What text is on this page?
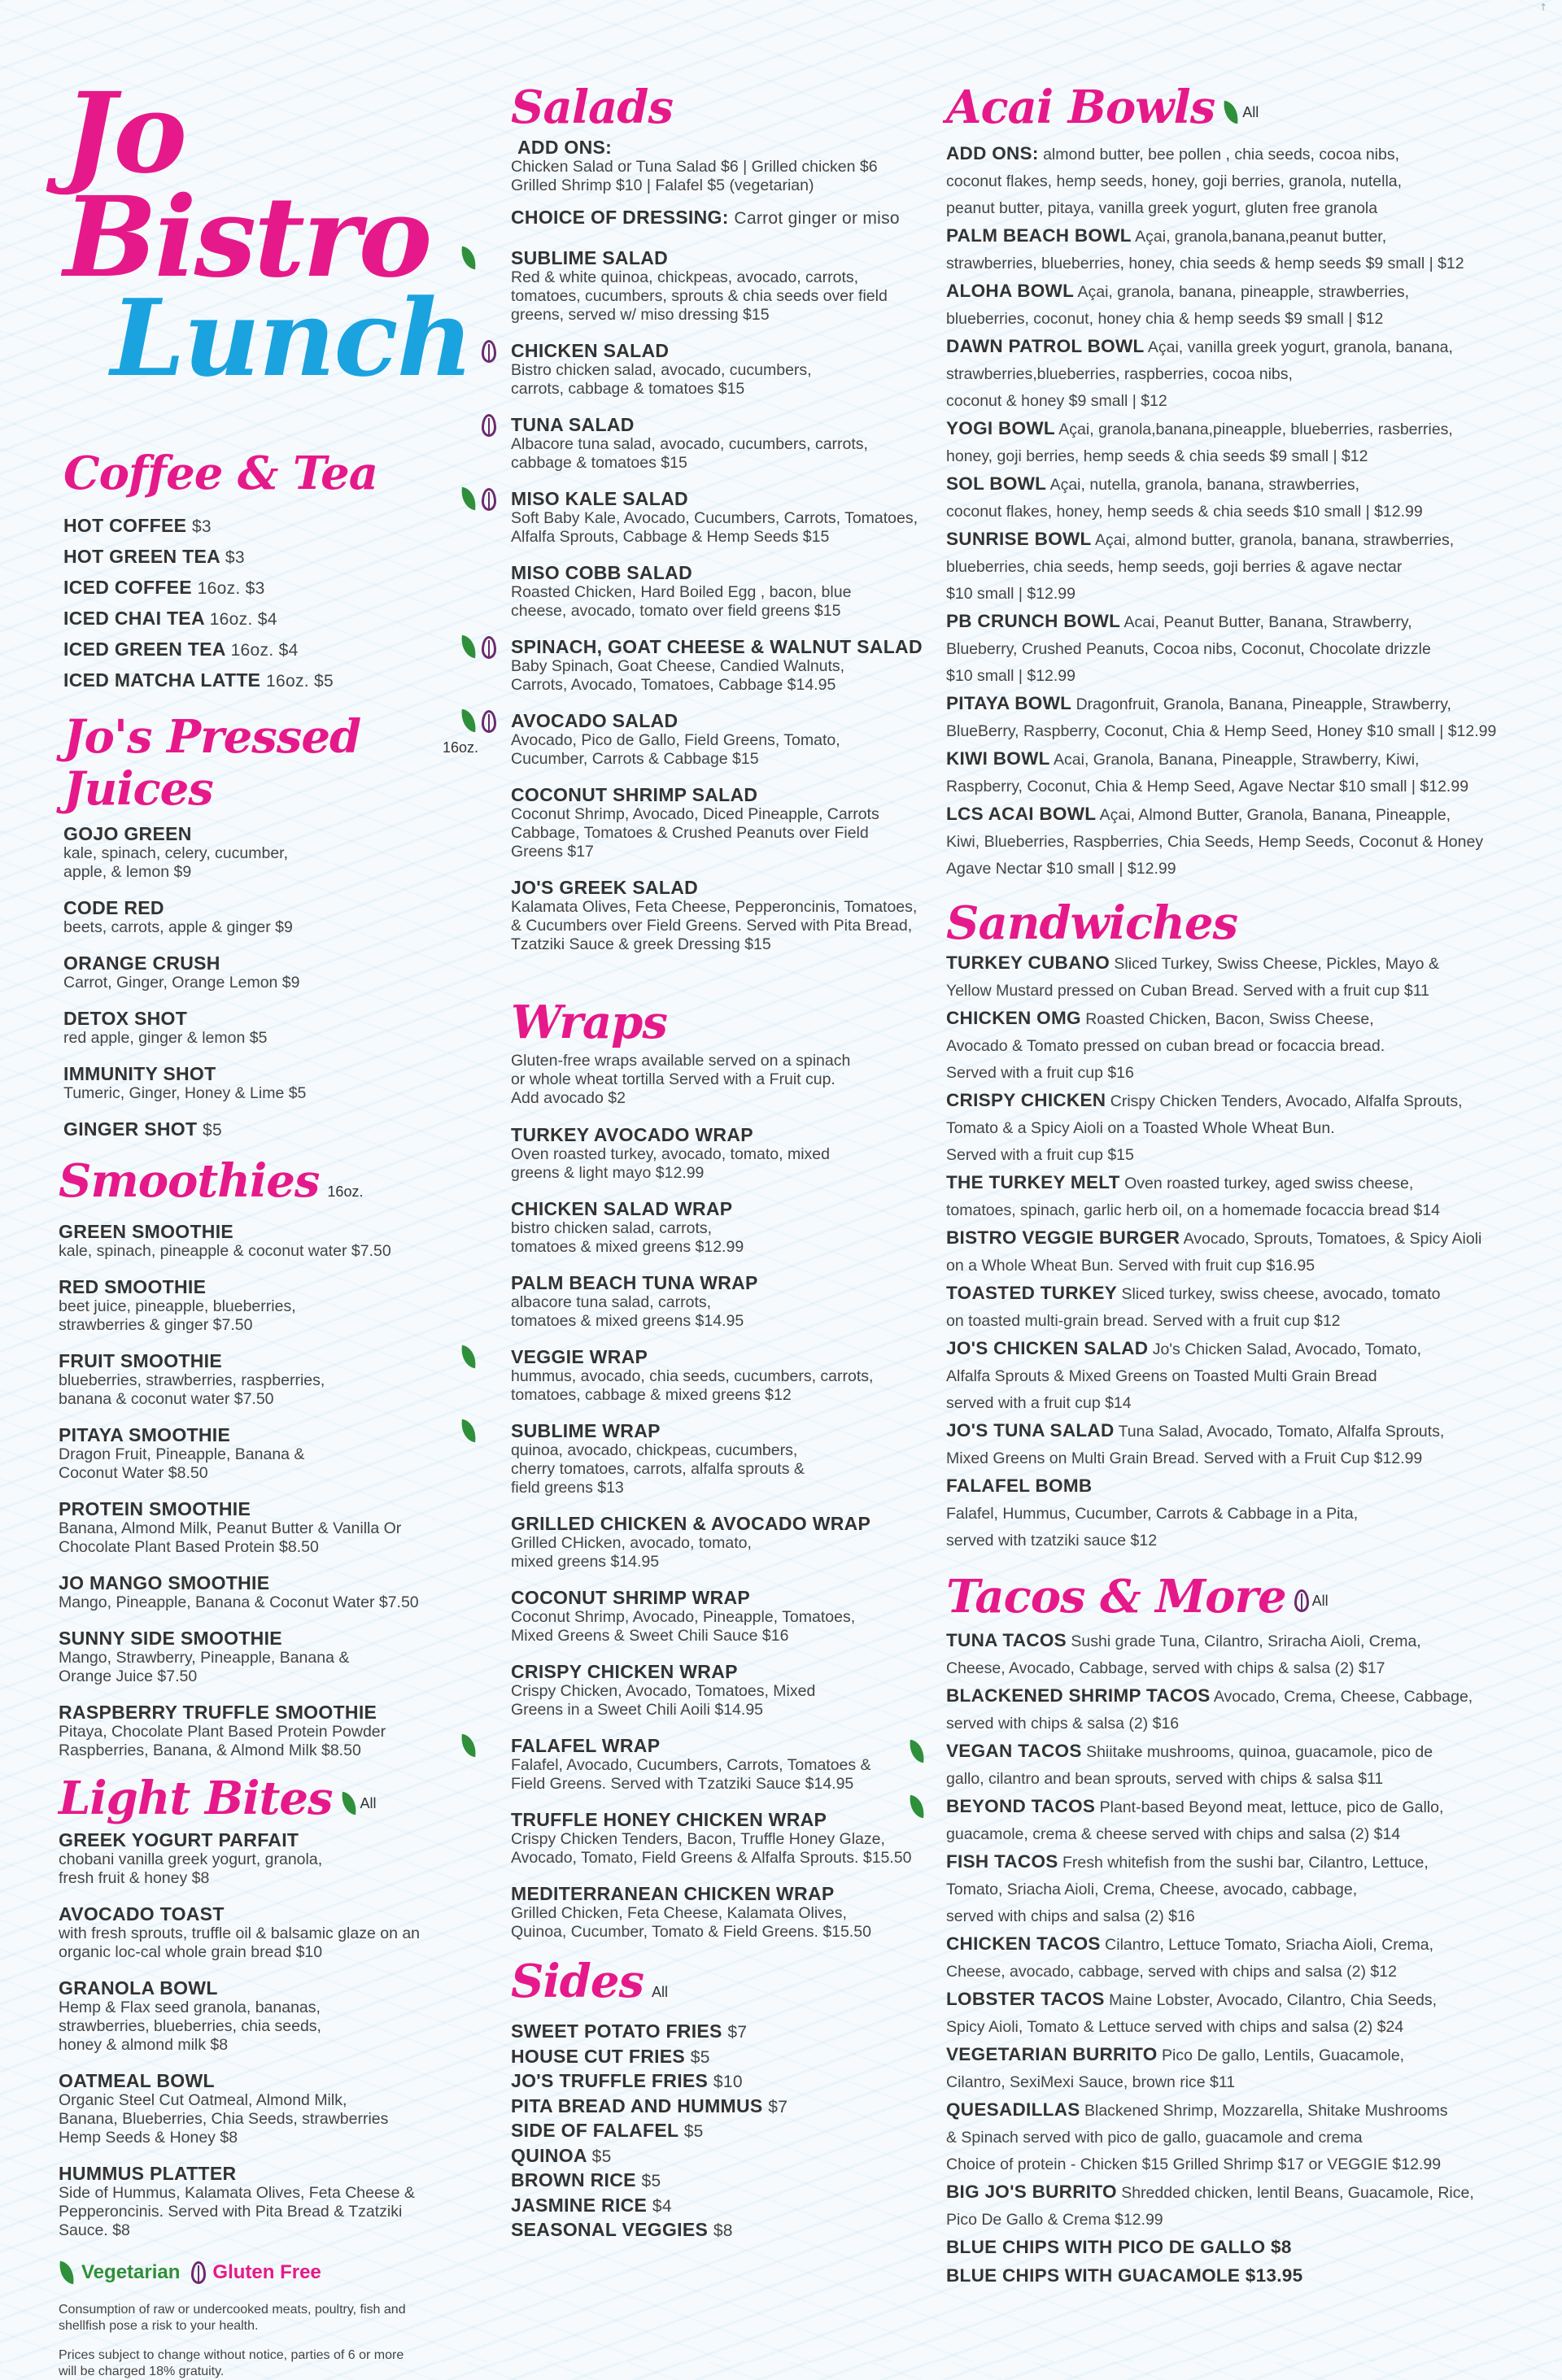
↑
Jo Bistro
Lunch
Coffee & Tea
HOT COFFEE $3
HOT GREEN TEA $3
ICED COFFEE 16oz. $3
ICED CHAI TEA 16oz. $4
ICED GREEN TEA 16oz. $4
ICED MATCHA LATTE 16oz. $5
Jo's Pressed Juices
16oz.
GOJO GREEN
kale, spinach, celery, cucumber, apple, & lemon $9
CODE RED
beets, carrots, apple & ginger $9
ORANGE CRUSH
Carrot, Ginger, Orange Lemon $9
DETOX SHOT
red apple, ginger & lemon $5
IMMUNITY SHOT
Tumeric, Ginger, Honey & Lime $5
GINGER SHOT $5
Smoothies 16oz.
GREEN SMOOTHIE
kale, spinach, pineapple & coconut water $7.50
RED SMOOTHIE
beet juice, pineapple, blueberries, strawberries & ginger $7.50
FRUIT SMOOTHIE
blueberries, strawberries, raspberries, banana & coconut water $7.50
PITAYA SMOOTHIE
Dragon Fruit, Pineapple, Banana & Coconut Water $8.50
PROTEIN SMOOTHIE
Banana, Almond Milk, Peanut Butter & Vanilla Or Chocolate Plant Based Protein $8.50
JO MANGO SMOOTHIE
Mango, Pineapple, Banana & Coconut Water $7.50
SUNNY SIDE SMOOTHIE
Mango, Strawberry, Pineapple, Banana & Orange Juice $7.50
RASPBERRY TRUFFLE SMOOTHIE
Pitaya, Chocolate Plant Based Protein Powder Raspberries, Banana, & Almond Milk $8.50
Light Bites All
GREEK YOGURT PARFAIT
chobani vanilla greek yogurt, granola, fresh fruit & honey $8
AVOCADO TOAST
with fresh sprouts, truffle oil & balsamic glaze on an organic loc-cal whole grain bread $10
GRANOLA BOWL
Hemp & Flax seed granola, bananas, strawberries, blueberries, chia seeds, honey & almond milk $8
OATMEAL BOWL
Organic Steel Cut Oatmeal, Almond Milk, Banana, Blueberries, Chia Seeds, strawberries Hemp Seeds & Honey $8
HUMMUS PLATTER
Side of Hummus, Kalamata Olives, Feta Cheese & Pepperoncinis. Served with Pita Bread & Tzatziki Sauce. $8
Vegetarian Gluten Free
Consumption of raw or undercooked meats, poultry, fish and shellfish pose a risk to your health.
Prices subject to change without notice, parties of 6 or more will be charged 18% gratuity.
Salads
ADD ONS:
Chicken Salad or Tuna Salad $6 | Grilled chicken $6 Grilled Shrimp $10 | Falafel $5 (vegetarian)
CHOICE OF DRESSING: Carrot ginger or miso
SUBLIME SALAD
Red & white quinoa, chickpeas, avocado, carrots, tomatoes, cucumbers, sprouts & chia seeds over field greens, served w/ miso dressing $15
CHICKEN SALAD
Bistro chicken salad, avocado, cucumbers, carrots, cabbage & tomatoes $15
TUNA SALAD
Albacore tuna salad, avocado, cucumbers, carrots, cabbage & tomatoes $15
MISO KALE SALAD
Soft Baby Kale, Avocado, Cucumbers, Carrots, Tomatoes, Alfalfa Sprouts, Cabbage & Hemp Seeds $15
MISO COBB SALAD
Roasted Chicken, Hard Boiled Egg , bacon, blue cheese, avocado, tomato over field greens $15
SPINACH, GOAT CHEESE & WALNUT SALAD
Baby Spinach, Goat Cheese, Candied Walnuts, Carrots, Avocado, Tomatoes, Cabbage $14.95
AVOCADO SALAD
Avocado, Pico de Gallo, Field Greens, Tomato, Cucumber, Carrots & Cabbage $15
COCONUT SHRIMP SALAD
Coconut Shrimp, Avocado, Diced Pineapple, Carrots Cabbage, Tomatoes & Crushed Peanuts over Field Greens $17
JO'S GREEK SALAD
Kalamata Olives, Feta Cheese, Pepperoncinis, Tomatoes, & Cucumbers over Field Greens. Served with Pita Bread, Tzatziki Sauce & greek Dressing $15
Wraps
Gluten-free wraps available served on a spinach or whole wheat tortilla Served with a Fruit cup. Add avocado $2
TURKEY AVOCADO WRAP
Oven roasted turkey, avocado, tomato, mixed greens & light mayo $12.99
CHICKEN SALAD WRAP
bistro chicken salad, carrots, tomatoes & mixed greens $12.99
PALM BEACH TUNA WRAP
albacore tuna salad, carrots, tomatoes & mixed greens $14.95
VEGGIE WRAP
hummus, avocado, chia seeds, cucumbers, carrots, tomatoes, cabbage & mixed greens $12
SUBLIME WRAP
quinoa, avocado, chickpeas, cucumbers, cherry tomatoes, carrots, alfalfa sprouts & field greens $13
GRILLED CHICKEN & AVOCADO WRAP
Grilled CHicken, avocado, tomato, mixed greens $14.95
COCONUT SHRIMP WRAP
Coconut Shrimp, Avocado, Pineapple, Tomatoes, Mixed Greens & Sweet Chili Sauce $16
CRISPY CHICKEN WRAP
Crispy Chicken, Avocado, Tomatoes, Mixed Greens in a Sweet Chili Aoili $14.95
FALAFEL WRAP
Falafel, Avocado, Cucumbers, Carrots, Tomatoes & Field Greens. Served with Tzatziki Sauce $14.95
TRUFFLE HONEY CHICKEN WRAP
Crispy Chicken Tenders, Bacon, Truffle Honey Glaze, Avocado, Tomato, Field Greens & Alfalfa Sprouts. $15.50
MEDITERRANEAN CHICKEN WRAP
Grilled Chicken, Feta Cheese, Kalamata Olives, Quinoa, Cucumber, Tomato & Field Greens. $15.50
Sides All
SWEET POTATO FRIES $7
HOUSE CUT FRIES $5
JO'S TRUFFLE FRIES $10
PITA BREAD AND HUMMUS $7
SIDE OF FALAFEL $5
QUINOA $5
BROWN RICE $5
JASMINE RICE $4
SEASONAL VEGGIES $8
Acai Bowls All
ADD ONS: almond butter, bee pollen , chia seeds, cocoa nibs,
coconut flakes, hemp seeds, honey, goji berries, granola, nutella,
peanut butter, pitaya, vanilla greek yogurt, gluten free granola
PALM BEACH BOWL Açai, granola,banana,peanut butter,
strawberries, blueberries, honey, chia seeds & hemp seeds $9 small | $12
ALOHA BOWL Açai, granola, banana, pineapple, strawberries,
blueberries, coconut, honey chia & hemp seeds $9 small | $12
DAWN PATROL BOWL Açai, vanilla greek yogurt, granola, banana,
strawberries,blueberries, raspberries, cocoa nibs,
coconut & honey $9 small | $12
YOGI BOWL Açai, granola,banana,pineapple, blueberries, rasberries,
honey, goji berries, hemp seeds & chia seeds $9 small | $12
SOL BOWL Açai, nutella, granola, banana, strawberries,
coconut flakes, honey, hemp seeds & chia seeds $10 small | $12.99
SUNRISE BOWL Açai, almond butter, granola, banana, strawberries,
blueberries, chia seeds, hemp seeds, goji berries & agave nectar
$10 small | $12.99
PB CRUNCH BOWL Acai, Peanut Butter, Banana, Strawberry,
Blueberry, Crushed Peanuts, Cocoa nibs, Coconut, Chocolate drizzle
$10 small | $12.99
PITAYA BOWL Dragonfruit, Granola, Banana, Pineapple, Strawberry,
BlueBerry, Raspberry, Coconut, Chia & Hemp Seed, Honey $10 small | $12.99
KIWI BOWL Acai, Granola, Banana, Pineapple, Strawberry, Kiwi,
Raspberry, Coconut, Chia & Hemp Seed, Agave Nectar $10 small | $12.99
LCS ACAI BOWL Açai, Almond Butter, Granola, Banana, Pineapple,
Kiwi, Blueberries, Raspberries, Chia Seeds, Hemp Seeds, Coconut & Honey
Agave Nectar $10 small | $12.99
Sandwiches
TURKEY CUBANO Sliced Turkey, Swiss Cheese, Pickles, Mayo &
Yellow Mustard pressed on Cuban Bread. Served with a fruit cup $11
CHICKEN OMG Roasted Chicken, Bacon, Swiss Cheese,
Avocado & Tomato pressed on cuban bread or focaccia bread.
Served with a fruit cup $16
CRISPY CHICKEN Crispy Chicken Tenders, Avocado, Alfalfa Sprouts,
Tomato & a Spicy Aioli on a Toasted Whole Wheat Bun.
Served with a fruit cup $15
THE TURKEY MELT Oven roasted turkey, aged swiss cheese,
tomatoes, spinach, garlic herb oil, on a homemade focaccia bread $14
BISTRO VEGGIE BURGER Avocado, Sprouts, Tomatoes, & Spicy Aioli
on a Whole Wheat Bun. Served with fruit cup $16.95
TOASTED TURKEY Sliced turkey, swiss cheese, avocado, tomato
on toasted multi-grain bread. Served with a fruit cup $12
JO'S CHICKEN SALAD Jo's Chicken Salad, Avocado, Tomato,
Alfalfa Sprouts & Mixed Greens on Toasted Multi Grain Bread
served with a fruit cup $14
JO'S TUNA SALAD Tuna Salad, Avocado, Tomato, Alfalfa Sprouts,
Mixed Greens on Multi Grain Bread. Served with a Fruit Cup $12.99
FALAFEL BOMB
Falafel, Hummus, Cucumber, Carrots & Cabbage in a Pita,
served with tzatziki sauce $12
Tacos & More All
TUNA TACOS Sushi grade Tuna, Cilantro, Sriracha Aioli, Crema,
Cheese, Avocado, Cabbage, served with chips & salsa (2) $17
BLACKENED SHRIMP TACOS Avocado, Crema, Cheese, Cabbage,
served with chips & salsa (2) $16
VEGAN TACOS Shiitake mushrooms, quinoa, guacamole, pico de
gallo, cilantro and bean sprouts, served with chips & salsa $11
BEYOND TACOS Plant-based Beyond meat, lettuce, pico de Gallo,
guacamole, crema & cheese served with chips and salsa (2) $14
FISH TACOS Fresh whitefish from the sushi bar, Cilantro, Lettuce,
Tomato, Sriacha Aioli, Crema, Cheese, avocado, cabbage,
served with chips and salsa (2) $16
CHICKEN TACOS Cilantro, Lettuce Tomato, Sriacha Aioli, Crema,
Cheese, avocado, cabbage, served with chips and salsa (2) $12
LOBSTER TACOS Maine Lobster, Avocado, Cilantro, Chia Seeds,
Spicy Aioli, Tomato & Lettuce served with chips and salsa (2) $24
VEGETARIAN BURRITO Pico De gallo, Lentils, Guacamole,
Cilantro, SexiMexi Sauce, brown rice $11
QUESADILLAS Blackened Shrimp, Mozzarella, Shitake Mushrooms
& Spinach served with pico de gallo, guacamole and crema
Choice of protein - Chicken $15 Grilled Shrimp $17 or VEGGIE $12.99
BIG JO'S BURRITO Shredded chicken, lentil Beans, Guacamole, Rice,
Pico De Gallo & Crema $12.99
BLUE CHIPS WITH PICO DE GALLO $8
BLUE CHIPS WITH GUACAMOLE $13.95
